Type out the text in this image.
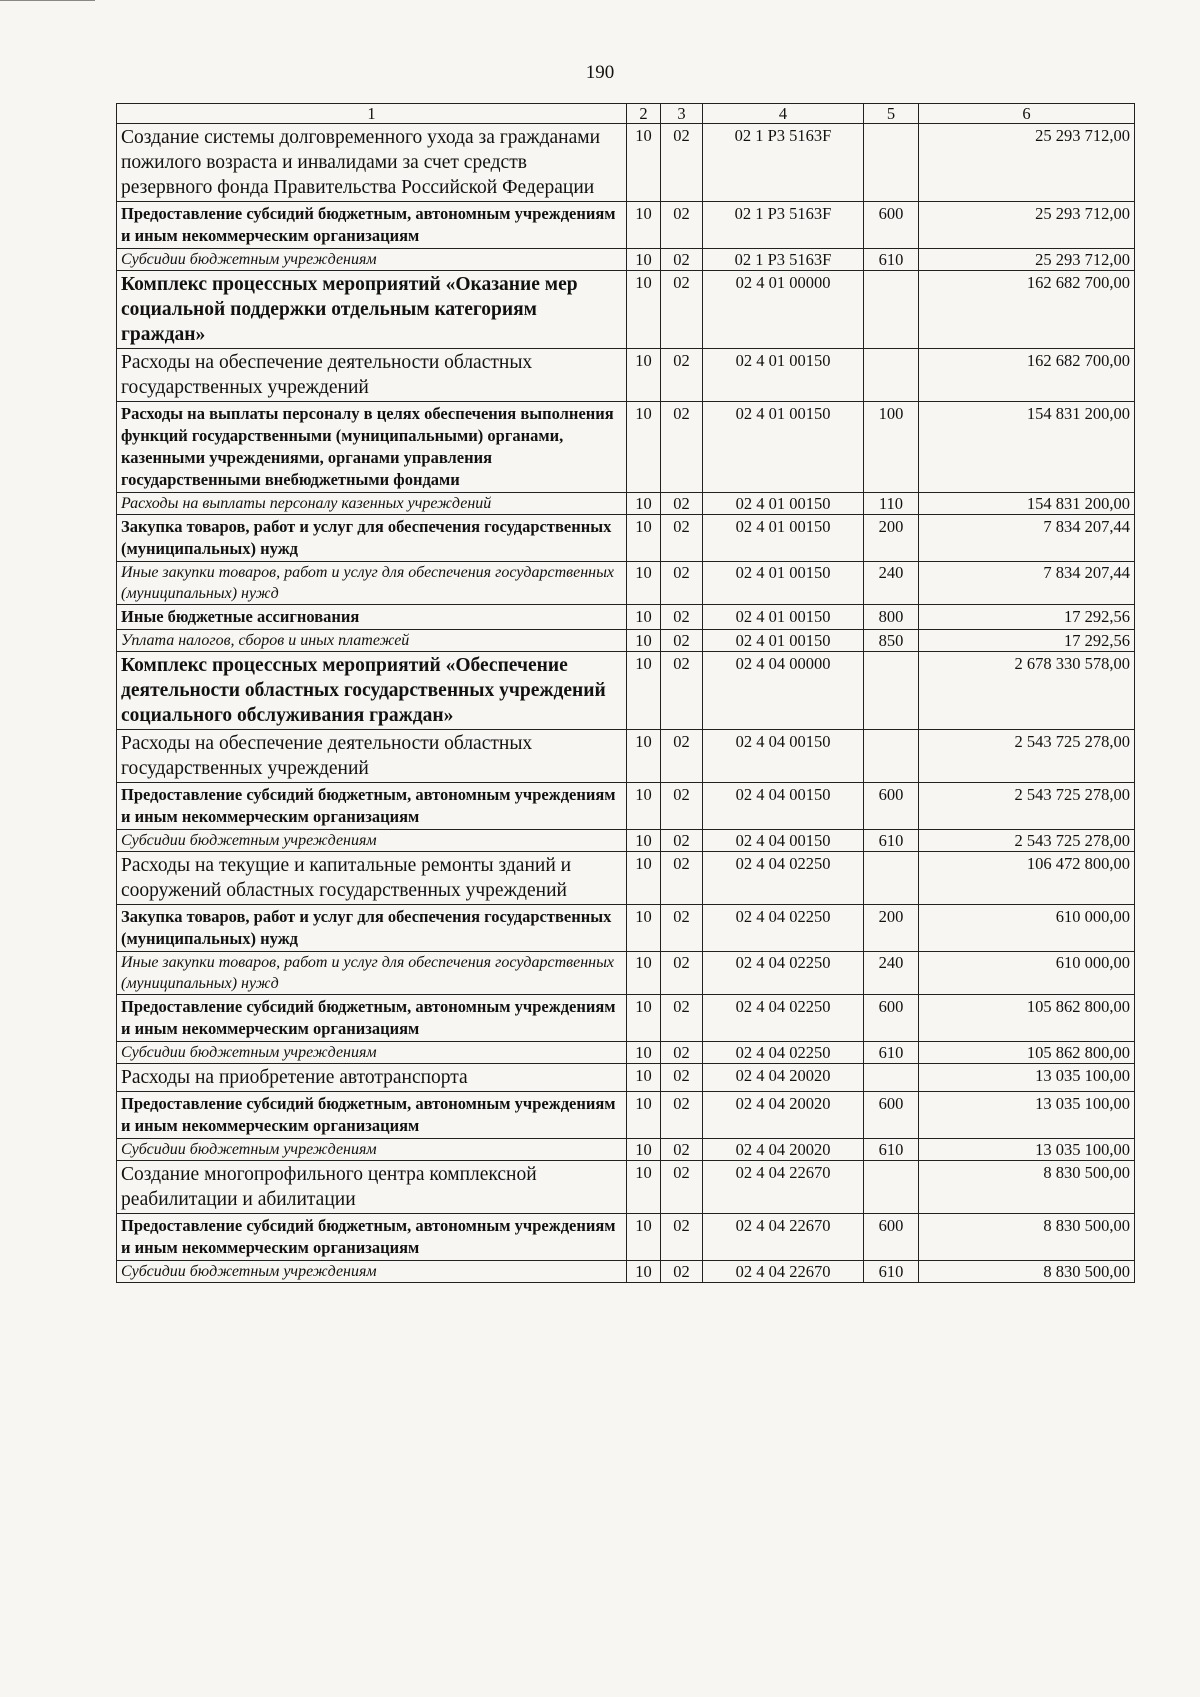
190
1	2	3	4	5	6
Создание системы долговременного ухода за гражданами пожилого возраста и инвалидами за счет средств резервного фонда Правительства Российской Федерации	10	02	02 1 Р3 5163F		25 293 712,00
Предоставление субсидий бюджетным, автономным учреждениям и иным некоммерческим организациям	10	02	02 1 Р3 5163F	600	25 293 712,00
Субсидии бюджетным учреждениям	10	02	02 1 Р3 5163F	610	25 293 712,00
Комплекс процессных мероприятий «Оказание мер социальной поддержки отдельным категориям граждан»	10	02	02 4 01 00000		162 682 700,00
Расходы на обеспечение деятельности областных государственных учреждений	10	02	02 4 01 00150		162 682 700,00
Расходы на выплаты персоналу в целях обеспечения выполнения функций государственными (муниципальными) органами, казенными учреждениями, органами управления государственными внебюджетными фондами	10	02	02 4 01 00150	100	154 831 200,00
Расходы на выплаты персоналу казенных учреждений	10	02	02 4 01 00150	110	154 831 200,00
Закупка товаров, работ и услуг для обеспечения государственных (муниципальных) нужд	10	02	02 4 01 00150	200	7 834 207,44
Иные закупки товаров, работ и услуг для обеспечения государственных (муниципальных) нужд	10	02	02 4 01 00150	240	7 834 207,44
Иные бюджетные ассигнования	10	02	02 4 01 00150	800	17 292,56
Уплата налогов, сборов и иных платежей	10	02	02 4 01 00150	850	17 292,56
Комплекс процессных мероприятий «Обеспечение деятельности областных государственных учреждений социального обслуживания граждан»	10	02	02 4 04 00000		2 678 330 578,00
Расходы на обеспечение деятельности областных государственных учреждений	10	02	02 4 04 00150		2 543 725 278,00
Предоставление субсидий бюджетным, автономным учреждениям и иным некоммерческим организациям	10	02	02 4 04 00150	600	2 543 725 278,00
Субсидии бюджетным учреждениям	10	02	02 4 04 00150	610	2 543 725 278,00
Расходы на текущие и капитальные ремонты зданий и сооружений областных государственных учреждений	10	02	02 4 04 02250		106 472 800,00
Закупка товаров, работ и услуг для обеспечения государственных (муниципальных) нужд	10	02	02 4 04 02250	200	610 000,00
Иные закупки товаров, работ и услуг для обеспечения государственных (муниципальных) нужд	10	02	02 4 04 02250	240	610 000,00
Предоставление субсидий бюджетным, автономным учреждениям и иным некоммерческим организациям	10	02	02 4 04 02250	600	105 862 800,00
Субсидии бюджетным учреждениям	10	02	02 4 04 02250	610	105 862 800,00
Расходы на приобретение автотранспорта	10	02	02 4 04 20020		13 035 100,00
Предоставление субсидий бюджетным, автономным учреждениям и иным некоммерческим организациям	10	02	02 4 04 20020	600	13 035 100,00
Субсидии бюджетным учреждениям	10	02	02 4 04 20020	610	13 035 100,00
Создание многопрофильного центра комплексной реабилитации и абилитации	10	02	02 4 04 22670		8 830 500,00
Предоставление субсидий бюджетным, автономным учреждениям и иным некоммерческим организациям	10	02	02 4 04 22670	600	8 830 500,00
Субсидии бюджетным учреждениям	10	02	02 4 04 22670	610	8 830 500,00
